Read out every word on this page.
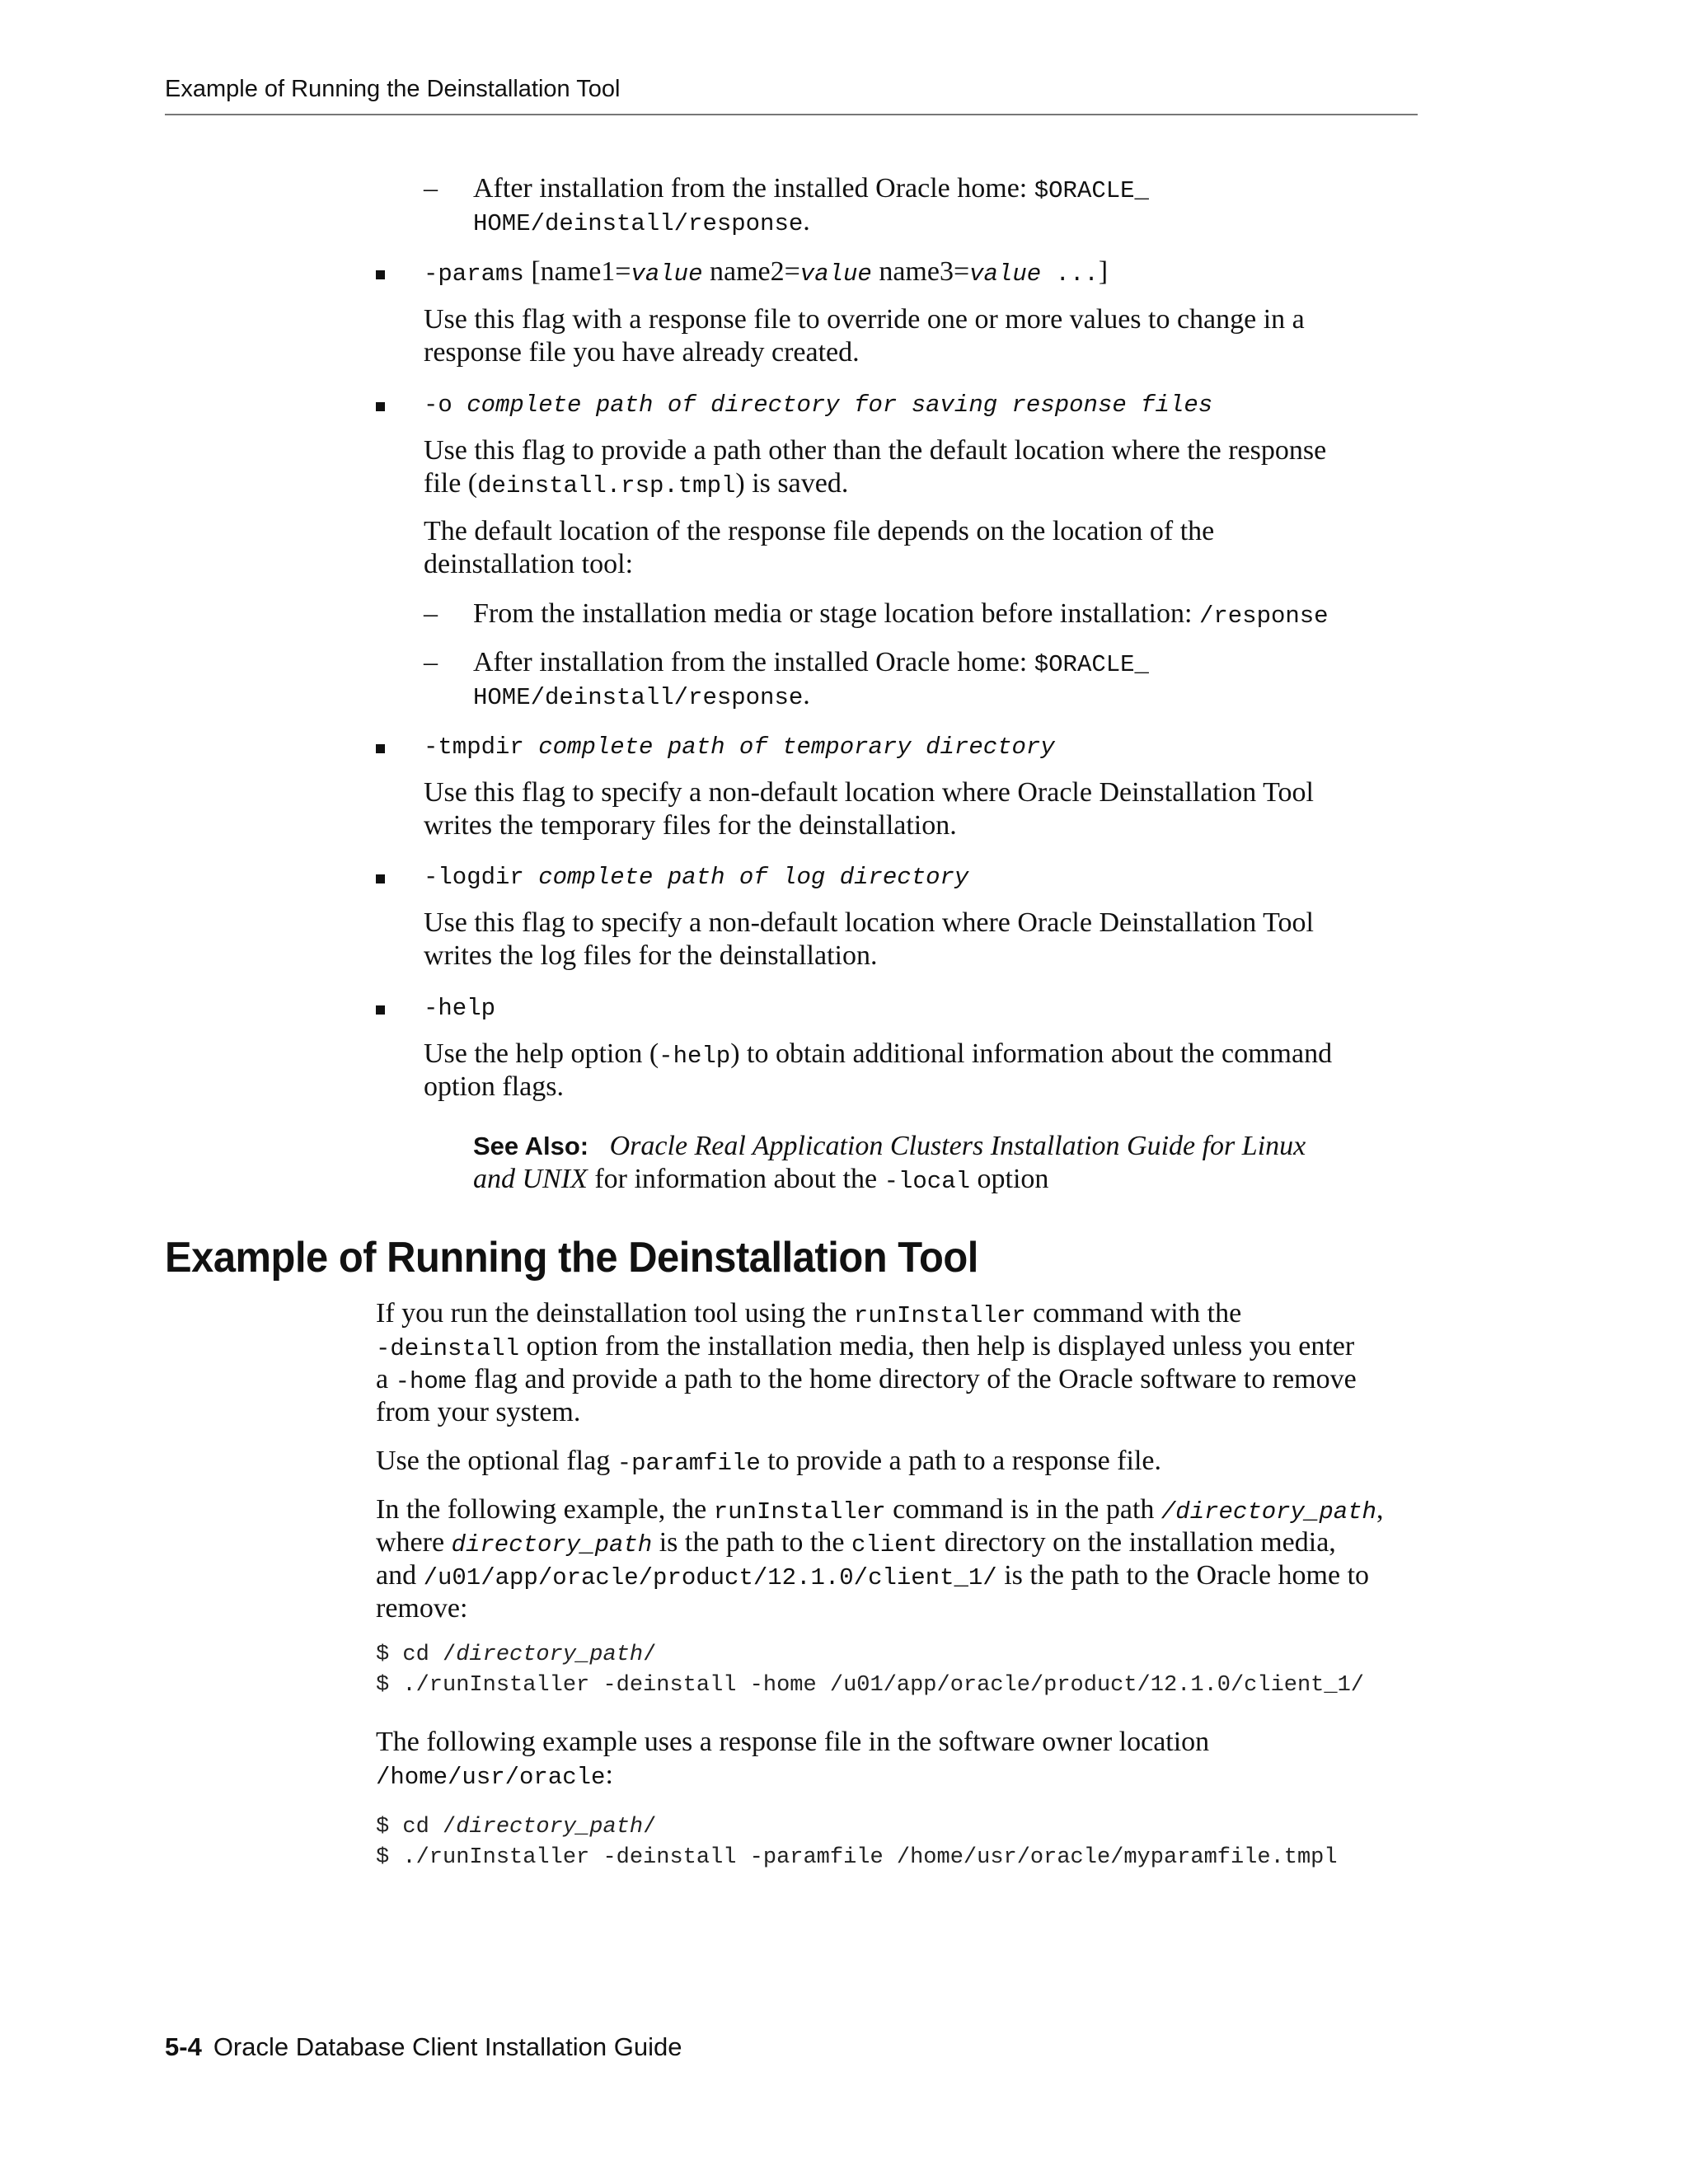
Example of Running the Deinstallation Tool
– After installation from the installed Oracle home: $ORACLE_

HOME/deinstall/response.

-params [name1=value name2=value name3=value ...]

Use this flag with a response file to override one or more values to change in a

response file you have already created.

-o complete path of directory for saving response files

Use this flag to provide a path other than the default location where the response

file (deinstall.rsp.tmpl) is saved.

The default location of the response file depends on the location of the

deinstallation tool:

– From the installation media or stage location before installation: /response

– After installation from the installed Oracle home: $ORACLE_

HOME/deinstall/response.

-tmpdir complete path of temporary directory

Use this flag to specify a non-default location where Oracle Deinstallation Tool

writes the temporary files for the deinstallation.

-logdir complete path of log directory

Use this flag to specify a non-default location where Oracle Deinstallation Tool

writes the log files for the deinstallation.

-help

Use the help option (-help) to obtain additional information about the command

option flags.

See Also: Oracle Real Application Clusters Installation Guide for Linux

and UNIX for information about the -local option

Example of Running the Deinstallation Tool

If you run the deinstallation tool using the runInstaller command with the

-deinstall option from the installation media, then help is displayed unless you enter

a -home flag and provide a path to the home directory of the Oracle software to remove

from your system.

Use the optional flag -paramfile to provide a path to a response file.

In the following example, the runInstaller command is in the path /directory_path,

where directory_path is the path to the client directory on the installation media,

and /u01/app/oracle/product/12.1.0/client_1/ is the path to the Oracle home to

remove:

$ cd /directory_path/
$ ./runInstaller -deinstall -home /u01/app/oracle/product/12.1.0/client_1/

The following example uses a response file in the software owner location

/home/usr/oracle:

$ cd /directory_path/
$ ./runInstaller -deinstall -paramfile /home/usr/oracle/myparamfile.tmpl
5-4 Oracle Database Client Installation Guide
